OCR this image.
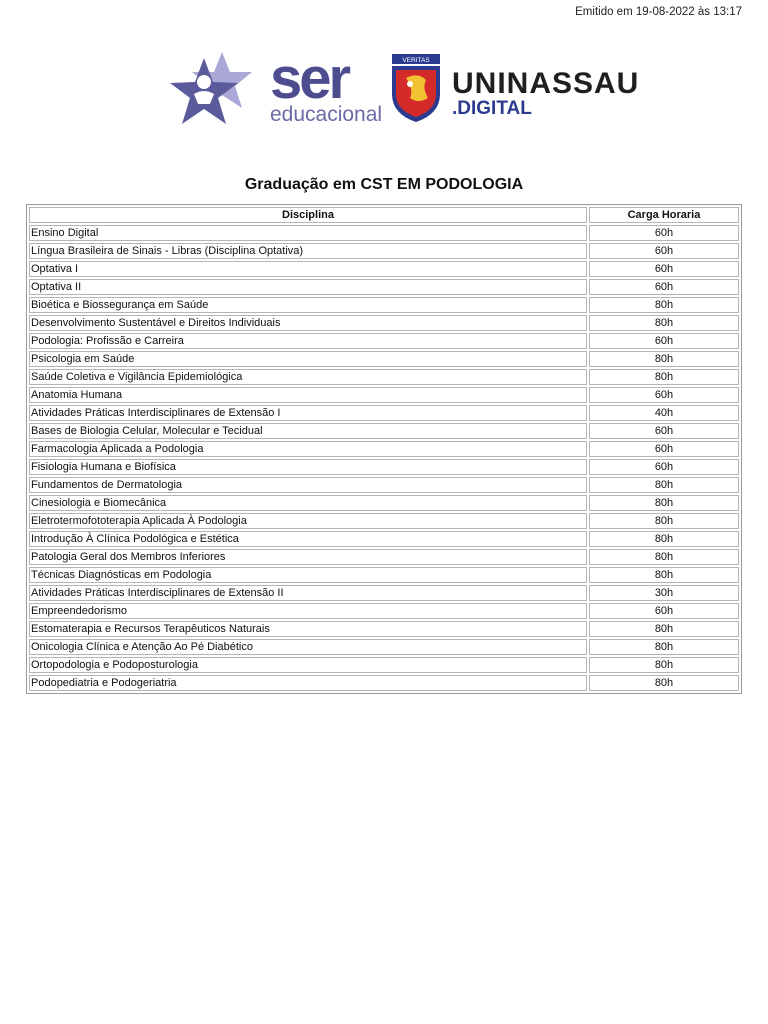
Emitido em 19-08-2022 às 13:17
ser
educacional
VERITAS
UNINASSAU
.DIGITAL
Graduação em CST EM PODOLOGIA
Disciplina	Carga Horaria
Ensino Digital	60h
Língua Brasileira de Sinais - Libras (Disciplina Optativa)	60h
Optativa I	60h
Optativa II	60h
Bioética e Biossegurança em Saúde	80h
Desenvolvimento Sustentável e Direitos Individuais	80h
Podologia: Profissão e Carreira	60h
Psicologia em Saúde	80h
Saúde Coletiva e Vigilância Epidemiológica	80h
Anatomia Humana	60h
Atividades Práticas Interdisciplinares de Extensão I	40h
Bases de Biologia Celular, Molecular e Tecidual	60h
Farmacologia Aplicada a Podologia	60h
Fisiologia Humana e Biofísica	60h
Fundamentos de Dermatologia	80h
Cinesiologia e Biomecânica	80h
Eletrotermofototerapia Aplicada À Podologia	80h
Introdução À Clínica Podológica e Estética	80h
Patologia Geral dos Membros Inferiores	80h
Técnicas Diagnósticas em Podologia	80h
Atividades Práticas Interdisciplinares de Extensão II	30h
Empreendedorismo	60h
Estomaterapia e Recursos Terapêuticos Naturais	80h
Onicologia Clínica e Atenção Ao Pé Diabético	80h
Ortopodologia e Podoposturologia	80h
Podopediatria e Podogeriatria	80h
